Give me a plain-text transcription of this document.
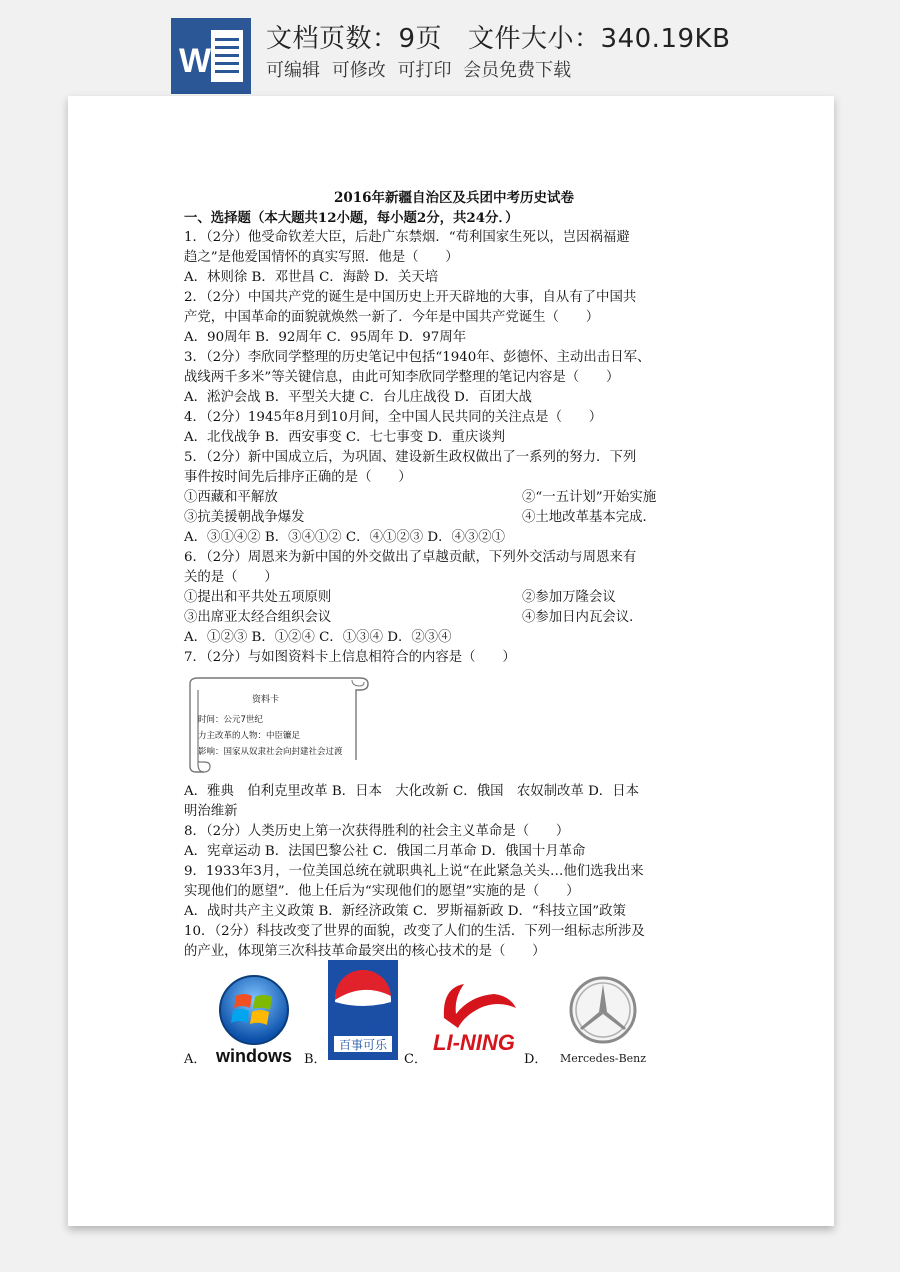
W
文档页数：9页 文件大小：340.19KB
可编辑 可修改 可打印 会员免费下载

2016年新疆自治区及兵团中考历史试卷

一、选择题（本大题共12小题，每小题2分，共24分．）

1．（2分）他受命钦差大臣，后赴广东禁烟．“苟利国家生死以，岂因祸福避

趋之”是他爱国情怀的真实写照．他是（　　）

A．林则徐 B．邓世昌 C．海龄 D．关天培

2．（2分）中国共产党的诞生是中国历史上开天辟地的大事，自从有了中国共

产党，中国革命的面貌就焕然一新了．今年是中国共产党诞生（　　）

A．90周年 B．92周年 C．95周年 D．97周年

3．（2分）李欣同学整理的历史笔记中包括“1940年、彭德怀、主动出击日军、

战线两千多米”等关键信息，由此可知李欣同学整理的笔记内容是（　　）

A．淞沪会战 B．平型关大捷 C．台儿庄战役 D．百团大战

4．（2分）1945年8月到10月间，全中国人民共同的关注点是（　　）

A．北伐战争 B．西安事变 C．七七事变 D．重庆谈判

5．（2分）新中国成立后，为巩固、建设新生政权做出了一系列的努力．下列

事件按时间先后排序正确的是（　　）

①西藏和平解放	②“一五计划”开始实施
③抗美援朝战争爆发	④土地改革基本完成．

A．③①④② B．③④①② C．④①②③ D．④③②①

6．（2分）周恩来为新中国的外交做出了卓越贡献，下列外交活动与周恩来有

关的是（　　）

①提出和平共处五项原则	②参加万隆会议
③出席亚太经合组织会议	④参加日内瓦会议．

A．①②③ B．①②④ C．①③④ D．②③④

7．（2分）与如图资料卡上信息相符合的内容是（　　）

资料卡
时间：公元7世纪
力主改革的人物：中臣镰足
影响：国家从奴隶社会向封建社会过渡

A．雅典　伯利克里改革 B．日本　大化改新 C．俄国　农奴制改革 D．日本

明治维新

8．（2分）人类历史上第一次获得胜利的社会主义革命是（　　）

A．宪章运动 B．法国巴黎公社 C．俄国二月革命 D．俄国十月革命

9．1933年3月，一位美国总统在就职典礼上说“在此紧急关头…他们选我出来

实现他们的愿望”．他上任后为“实现他们的愿望”实施的是（　　）

A．战时共产主义政策 B．新经济政策 C．罗斯福新政 D．“科技立国”政策

10．（2分）科技改变了世界的面貌，改变了人们的生活．下列一组标志所涉及

的产业，体现第三次科技革命最突出的核心技术的是（　　）

A． windows B．
百事可乐
C．
LI-NING
D． Mercedes-Benz
